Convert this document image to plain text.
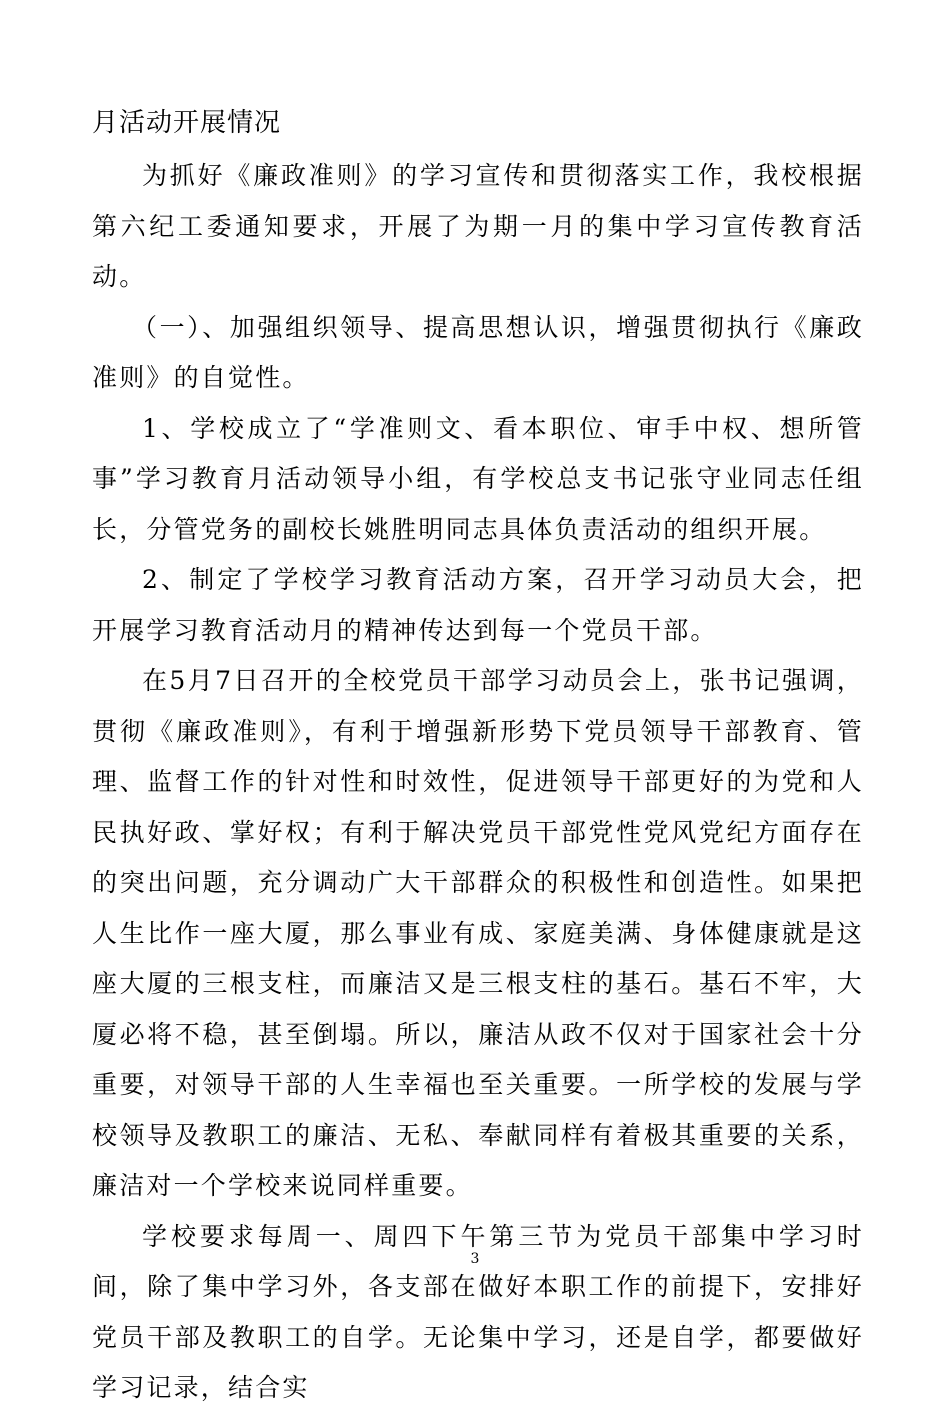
月活动开展情况

为抓好《廉政准则》的学习宣传和贯彻落实工作，我校根据第六纪工委通知要求，开展了为期一月的集中学习宣传教育活动。

（一）、加强组织领导、提高思想认识，增强贯彻执行《廉政准则》的自觉性。

1、学校成立了“学准则文、看本职位、审手中权、想所管事”学习教育月活动领导小组，有学校总支书记张守业同志任组长，分管党务的副校长姚胜明同志具体负责活动的组织开展。

2、制定了学校学习教育活动方案，召开学习动员大会，把开展学习教育活动月的精神传达到每一个党员干部。

在5月7日召开的全校党员干部学习动员会上，张书记强调，贯彻《廉政准则》，有利于增强新形势下党员领导干部教育、管理、监督工作的针对性和时效性，促进领导干部更好的为党和人民执好政、掌好权；有利于解决党员干部党性党风党纪方面存在的突出问题，充分调动广大干部群众的积极性和创造性。如果把人生比作一座大厦，那么事业有成、家庭美满、身体健康就是这座大厦的三根支柱，而廉洁又是三根支柱的基石。基石不牢，大厦必将不稳，甚至倒塌。所以，廉洁从政不仅对于国家社会十分重要，对领导干部的人生幸福也至关重要。一所学校的发展与学校领导及教职工的廉洁、无私、奉献同样有着极其重要的关系，廉洁对一个学校来说同样重要。

学校要求每周一、周四下午第三节为党员干部集中学习时间，除了集中学习外，各支部在做好本职工作的前提下，安排好党员干部及教职工的自学。无论集中学习，还是自学，都要做好学习记录，结合实

3
